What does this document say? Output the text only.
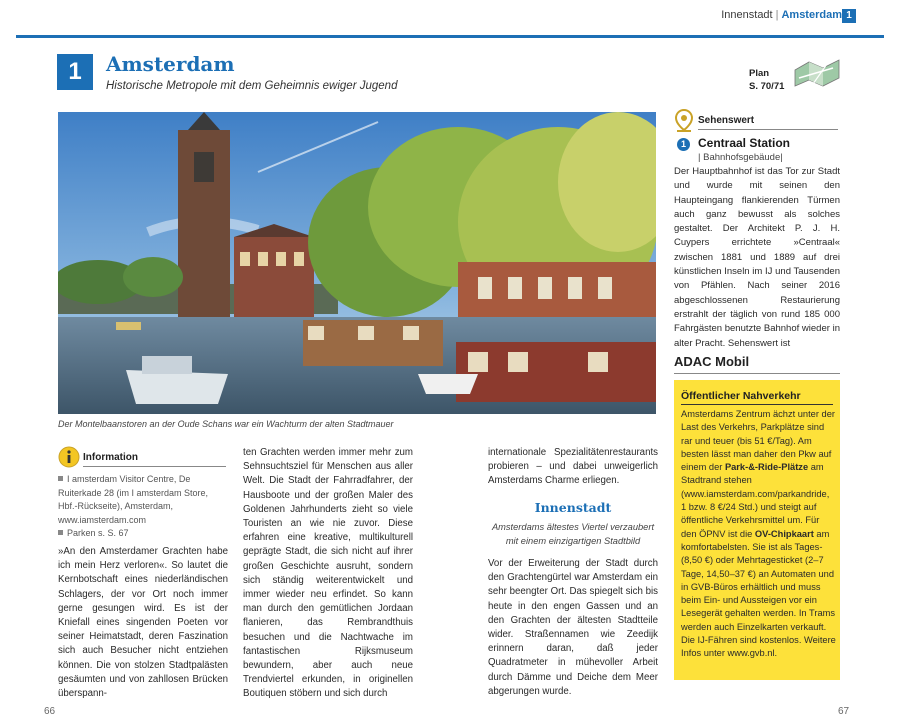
Innenstadt | Amsterdam 1
1	Amsterdam
Historische Metropole mit dem Geheimnis ewiger Jugend
Plan
S. 70/71
Der Montelbaanstoren an der Oude Schans war ein Wachturm der alten Stadtmauer
Sehenswert
1	Centraal Station
| Bahnhofsgebäude|
Der Hauptbahnhof ist das Tor zur Stadt und wurde mit seinen den Haupteingang flankierenden Türmen auch ganz bewusst als solches gestaltet. Der Architekt P. J. H. Cuypers errichtete »Centraal« zwischen 1881 und 1889 auf drei künstlichen Inseln im IJ und Tausenden von Pfählen. Nach seiner 2016 abgeschlossenen Restaurierung erstrahlt der täglich von rund 185 000 Fahrgästen benutzte Bahnhof wieder in alter Pracht. Sehenswert ist
ADAC Mobil
Öffentlicher Nahverkehr
Amsterdams Zentrum ächzt unter der Last des Verkehrs, Parkplätze sind rar und teuer (bis 51 €/Tag). Am besten lässt man daher den Pkw auf einem der Park-&-Ride-Plätze am Stadtrand stehen (www.iamsterdam.com/parkandride, 1 bzw. 8 €/24 Std.) und steigt auf öffentliche Verkehrsmittel um. Für den ÖPNV ist die OV-Chipkaart am komfortabelsten. Sie ist als Tages- (8,50 €) oder Mehrtagesticket (2–7 Tage, 14,50–37 €) an Automaten und in GVB-Büros erhältlich und muss beim Ein- und Aussteigen vor ein Lesegerät gehalten werden. In Trams werden auch Einzelkarten verkauft. Die IJ-Fähren sind kostenlos. Weitere Infos unter www.gvb.nl.
Information
I amsterdam Visitor Centre, De Ruiterkade 28 (im I amsterdam Store, Hbf.-Rückseite), Amsterdam, www.iamsterdam.com
Parken s. S. 67
»An den Amsterdamer Grachten habe ich mein Herz verloren«. So lautet die Kernbotschaft eines niederländischen Schlagers, der vor Ort noch immer gerne gesungen wird. Es ist der Kniefall eines singenden Poeten vor seiner Heimatstadt, deren Faszination sich auch Besucher nicht entziehen können. Die von stolzen Stadtpalästen gesäumten und von zahllosen Brücken überspann-
ten Grachten werden immer mehr zum Sehnsuchtsziel für Menschen aus aller Welt. Die Stadt der Fahrradfahrer, der Hausboote und der großen Maler des Goldenen Jahrhunderts zieht so viele Touristen an wie nie zuvor. Diese erfahren eine kreative, multikulturell geprägte Stadt, die sich nicht auf ihrer großen Geschichte ausruht, sondern sich ständig weiterentwickelt und immer wieder neu erfindet. So kann man durch den gemütlichen Jordaan flanieren, das Rembrandthuis besuchen und die Nachtwache im fantastischen Rijksmuseum bewundern, aber auch neue Trendviertel erkunden, in originellen Boutiquen stöbern und sich durch
internationale Spezialitätenrestaurants probieren – und dabei unweigerlich Amsterdams Charme erliegen.
Innenstadt
Amsterdams ältestes Viertel verzaubert mit einem einzigartigen Stadtbild
Vor der Erweiterung der Stadt durch den Grachtengürtel war Amsterdam ein sehr beengter Ort. Das spiegelt sich bis heute in den engen Gassen und an den Grachten der ältesten Stadtteile wider. Straßennamen wie Zeedijk erinnern daran, daß jeder Quadratmeter in mühevoller Arbeit durch Dämme und Deiche dem Meer abgerungen wurde.
66	67
